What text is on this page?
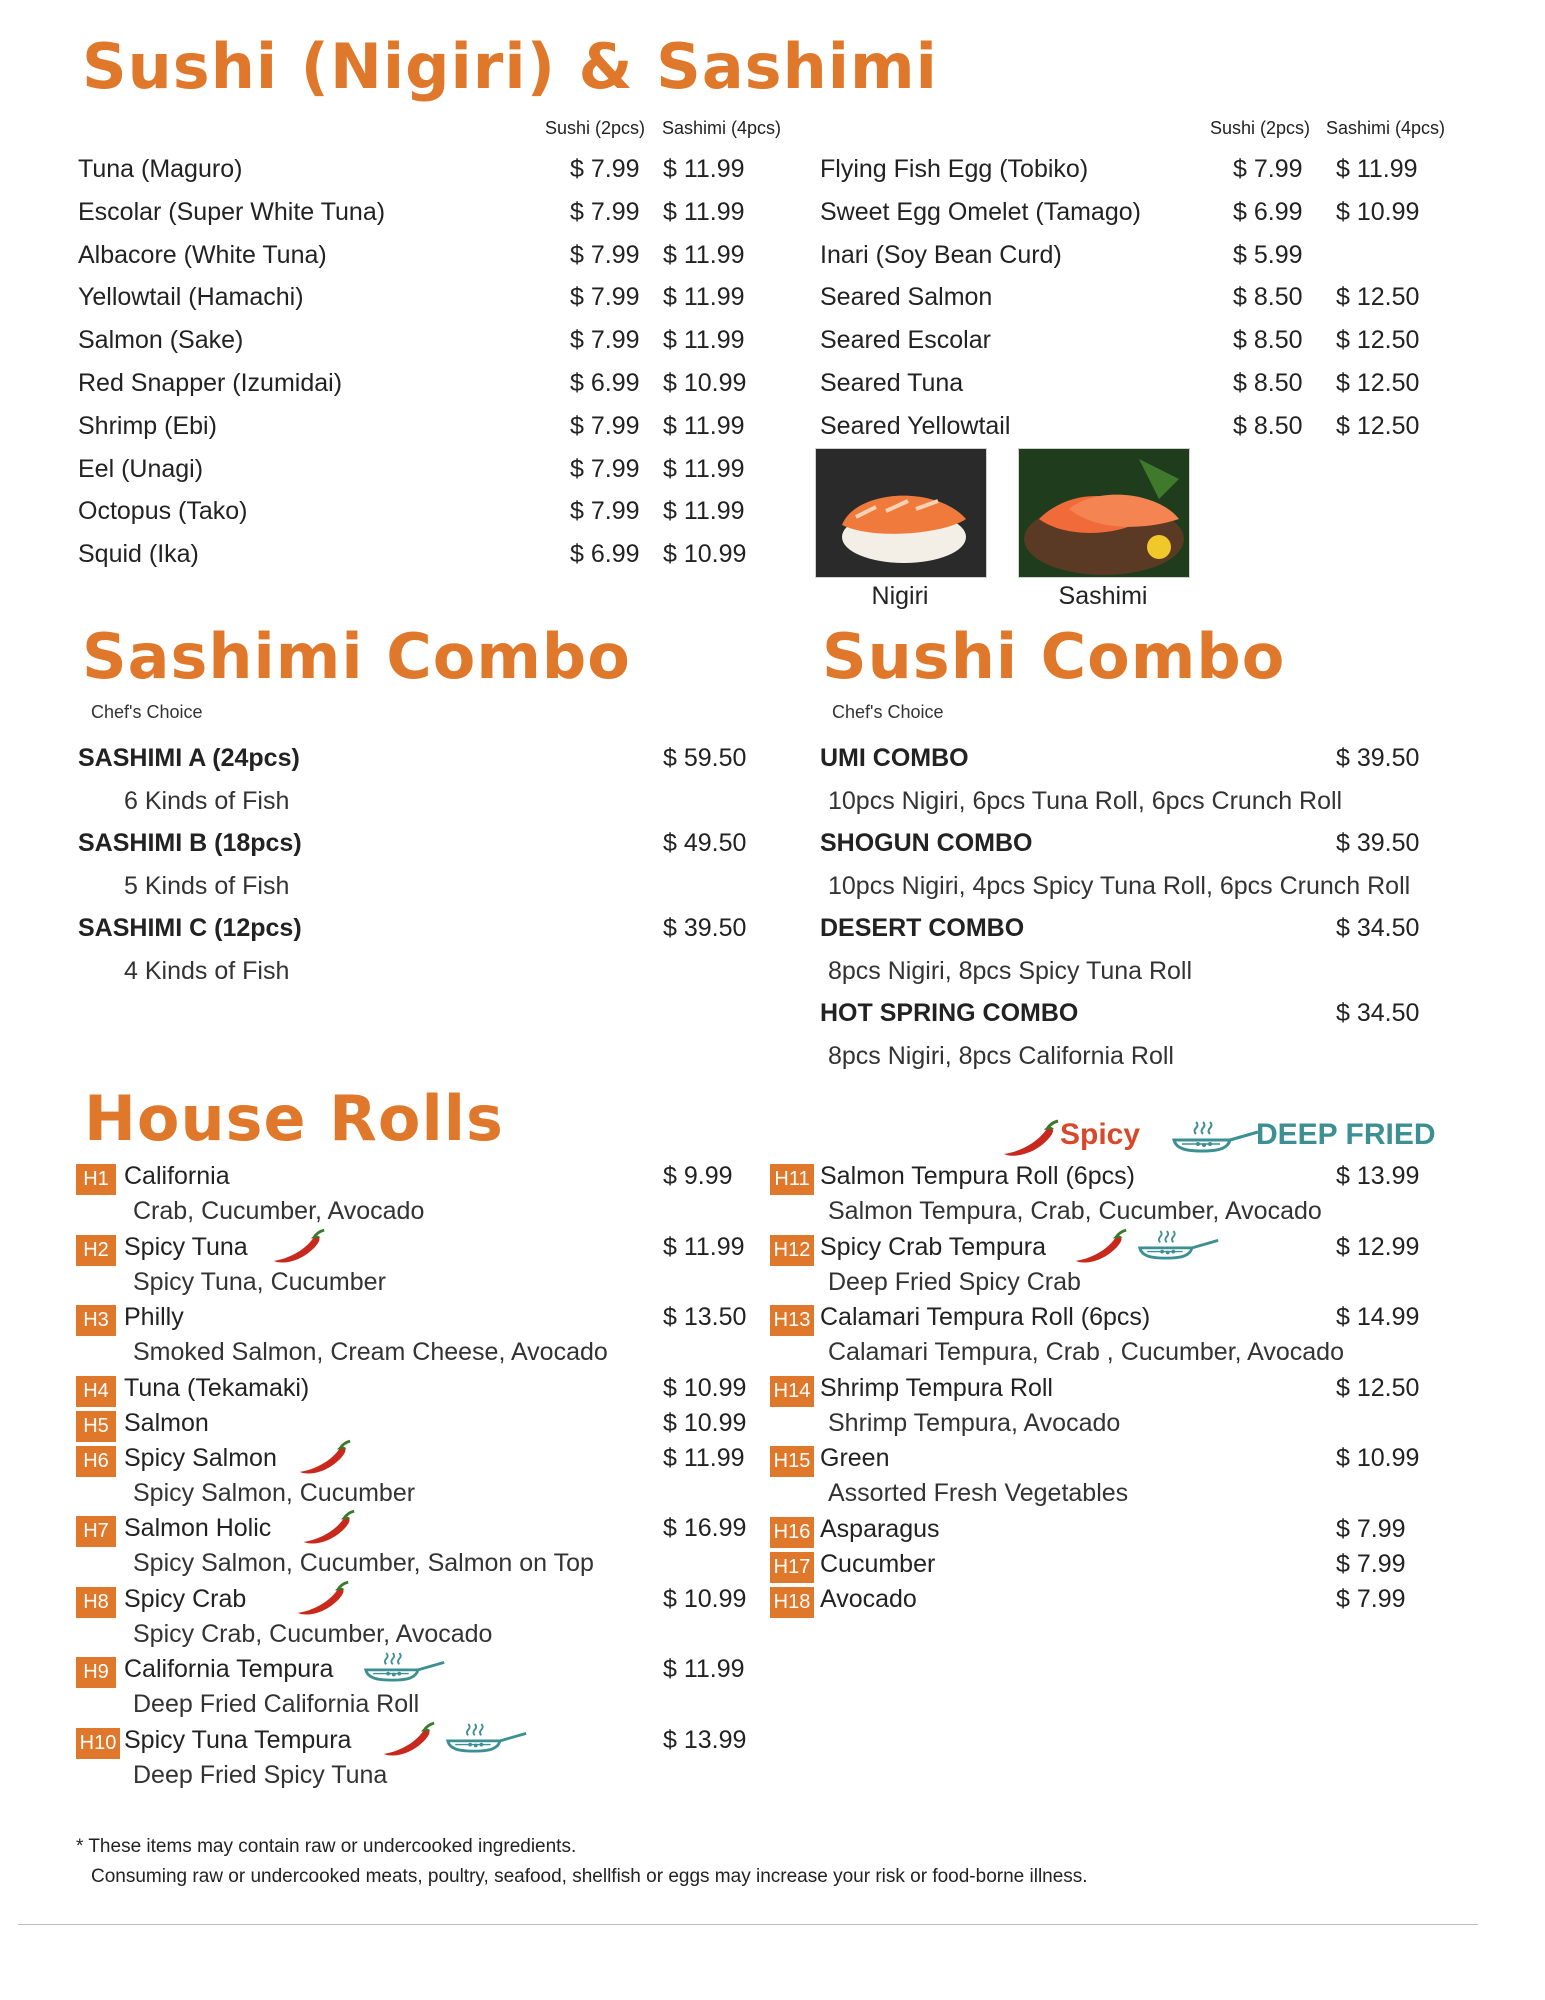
Sushi (Nigiri) & Sashimi
Sushi (2pcs) Sashimi (4pcs)	Sushi (2pcs) Sashimi (4pcs)
Tuna (Maguro)	$ 7.99 $ 11.99
Escolar (Super White Tuna)	$ 7.99 $ 11.99
Albacore (White Tuna)	$ 7.99 $ 11.99
Yellowtail (Hamachi)	$ 7.99 $ 11.99
Salmon (Sake)	$ 7.99 $ 11.99
Red Snapper (Izumidai)	$ 6.99 $ 10.99
Shrimp (Ebi)	$ 7.99 $ 11.99
Eel (Unagi)	$ 7.99 $ 11.99
Octopus (Tako)	$ 7.99 $ 11.99
Squid (Ika)	$ 6.99 $ 10.99
Flying Fish Egg (Tobiko)	$ 7.99 $ 11.99
Sweet Egg Omelet (Tamago)	$ 6.99 $ 10.99
Inari (Soy Bean Curd)	$ 5.99
Seared Salmon	$ 8.50 $ 12.50
Seared Escolar	$ 8.50 $ 12.50
Seared Tuna	$ 8.50 $ 12.50
Seared Yellowtail	$ 8.50 $ 12.50
Nigiri	Sashimi
Sashimi Combo
Chef's Choice
SASHIMI A (24pcs)	$ 59.50
6 Kinds of Fish
SASHIMI B (18pcs)	$ 49.50
5 Kinds of Fish
SASHIMI C (12pcs)	$ 39.50
4 Kinds of Fish
Sushi Combo
Chef's Choice
UMI COMBO	$ 39.50
10pcs Nigiri, 6pcs Tuna Roll, 6pcs Crunch Roll
SHOGUN COMBO	$ 39.50
10pcs Nigiri, 4pcs Spicy Tuna Roll, 6pcs Crunch Roll
DESERT COMBO	$ 34.50
8pcs Nigiri, 8pcs Spicy Tuna Roll
HOT SPRING COMBO	$ 34.50
8pcs Nigiri, 8pcs California Roll
House Rolls	Spicy	DEEP FRIED
H1 California	$ 9.99
Crab, Cucumber, Avocado
H2 Spicy Tuna	$ 11.99
Spicy Tuna, Cucumber
H3 Philly	$ 13.50
Smoked Salmon, Cream Cheese, Avocado
H4 Tuna (Tekamaki)	$ 10.99
H5 Salmon	$ 10.99
H6 Spicy Salmon	$ 11.99
Spicy Salmon, Cucumber
H7 Salmon Holic	$ 16.99
Spicy Salmon, Cucumber, Salmon on Top
H8 Spicy Crab	$ 10.99
Spicy Crab, Cucumber, Avocado
H9 California Tempura	$ 11.99
Deep Fried California Roll
H10 Spicy Tuna Tempura	$ 13.99
Deep Fried Spicy Tuna
H11 Salmon Tempura Roll (6pcs)	$ 13.99
Salmon Tempura, Crab, Cucumber, Avocado
H12 Spicy Crab Tempura	$ 12.99
Deep Fried Spicy Crab
H13 Calamari Tempura Roll (6pcs)	$ 14.99
Calamari Tempura, Crab , Cucumber, Avocado
H14 Shrimp Tempura Roll	$ 12.50
Shrimp Tempura, Avocado
H15 Green	$ 10.99
Assorted Fresh Vegetables
H16 Asparagus	$ 7.99
H17 Cucumber	$ 7.99
H18 Avocado	$ 7.99
* These items may contain raw or undercooked ingredients.
Consuming raw or undercooked meats, poultry, seafood, shellfish or eggs may increase your risk or food-borne illness.
